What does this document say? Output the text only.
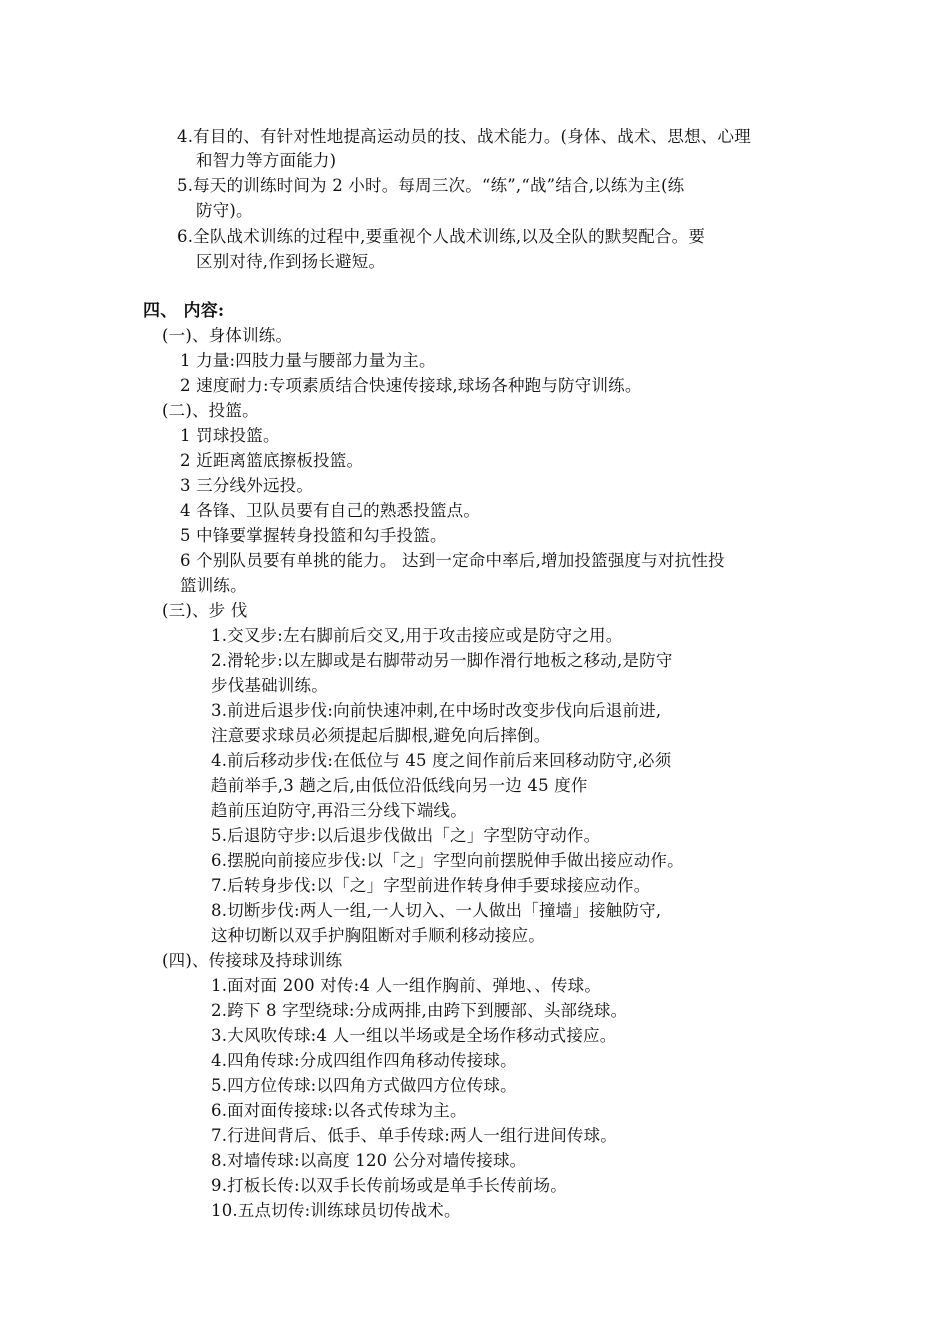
4.有目的、有针对性地提高运动员的技、战术能力。(身体、战术、思想、心理
和智力等方面能力)
5.每天的训练时间为 2 小时。每周三次。“练”,“战”结合,以练为主(练
防守)。
6.全队战术训练的过程中,要重视个人战术训练,以及全队的默契配合。要
区别对待,作到扬长避短。
四、 内容:
(一)、身体训练。
1 力量:四肢力量与腰部力量为主。
2 速度耐力:专项素质结合快速传接球,球场各种跑与防守训练。
(二)、投篮。
1 罚球投篮。
2 近距离篮底擦板投篮。
3 三分线外远投。
4 各锋、卫队员要有自己的熟悉投篮点。
5 中锋要掌握转身投篮和勾手投篮。
6 个别队员要有单挑的能力。 达到一定命中率后,增加投篮强度与对抗性投
篮训练。
(三)、步 伐
1.交叉步:左右脚前后交叉,用于攻击接应或是防守之用。
2.滑轮步:以左脚或是右脚带动另一脚作滑行地板之移动,是防守
步伐基础训练。
3.前进后退步伐:向前快速冲刺,在中场时改变步伐向后退前进,
注意要求球员必须提起后脚根,避免向后摔倒。
4.前后移动步伐:在低位与 45 度之间作前后来回移动防守,必须
趋前举手,3 趟之后,由低位沿低线向另一边 45 度作
趋前压迫防守,再沿三分线下端线。
5.后退防守步:以后退步伐做出「之」字型防守动作。
6.摆脱向前接应步伐:以「之」字型向前摆脱伸手做出接应动作。
7.后转身步伐:以「之」字型前进作转身伸手要球接应动作。
8.切断步伐:两人一组,一人切入、一人做出「撞墙」接触防守,
这种切断以双手护胸阻断对手顺利移动接应。
(四)、传接球及持球训练
1.面对面 200 对传:4 人一组作胸前、弹地、、传球。
2.跨下 8 字型绕球:分成两排,由跨下到腰部、头部绕球。
3.大风吹传球:4 人一组以半场或是全场作移动式接应。
4.四角传球:分成四组作四角移动传接球。
5.四方位传球:以四角方式做四方位传球。
6.面对面传接球:以各式传球为主。
7.行进间背后、低手、单手传球:两人一组行进间传球。
8.对墙传球:以高度 120 公分对墙传接球。
9.打板长传:以双手长传前场或是单手长传前场。
10.五点切传:训练球员切传战术。
